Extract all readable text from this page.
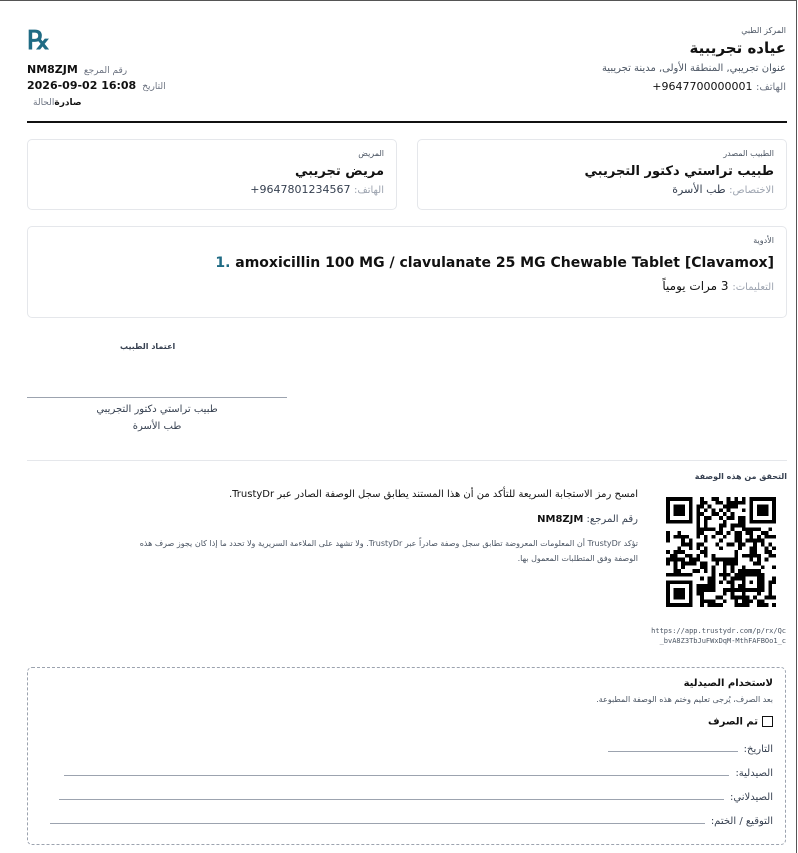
℞
NM8ZJM رقم المرجع
2026-09-02 16:08 التاريخ
صادرةالحالة
المركز الطبي
عياده تجريبية
عنوان تجريبي, المنطقة الأولى, مدينة تجريبية
الهاتف: +9647700000001
الطبيب المصدر
طبيب تراستي دكتور التجريبي
الاختصاص: طب الأسرة
المريض
مريض تجريبي
الهاتف: +9647801234567
الأدوية
1. amoxicillin 100 MG / clavulanate 25 MG Chewable Tablet [Clavamox]
التعليمات: 3 مرات يومياً
اعتماد الطبيب
طبيب تراستي دكتور التجريبي
طب الأسرة
التحقق من هذه الوصفة
امسح رمز الاستجابة السريعة للتأكد من أن هذا المستند يطابق سجل الوصفة الصادر عبر TrustyDr.
رقم المرجع: NM8ZJM
تؤكد TrustyDr أن المعلومات المعروضة تطابق سجل وصفة صادراً عبر TrustyDr. ولا تشهد على الملاءمة السريرية ولا تحدد ما إذا كان يجوز صرف هذه الوصفة وفق المتطلبات المعمول بها.
https://app.trustydr.com/p/rx/Qc_bvA8Z3TbJuFWxDqM-MthFAFBOo1_c
لاستخدام الصيدلية
بعد الصرف، يُرجى تعليم وختم هذه الوصفة المطبوعة.
تم الصرف
التاريخ:
الصيدلية:
الصيدلاني:
التوقيع / الختم:
